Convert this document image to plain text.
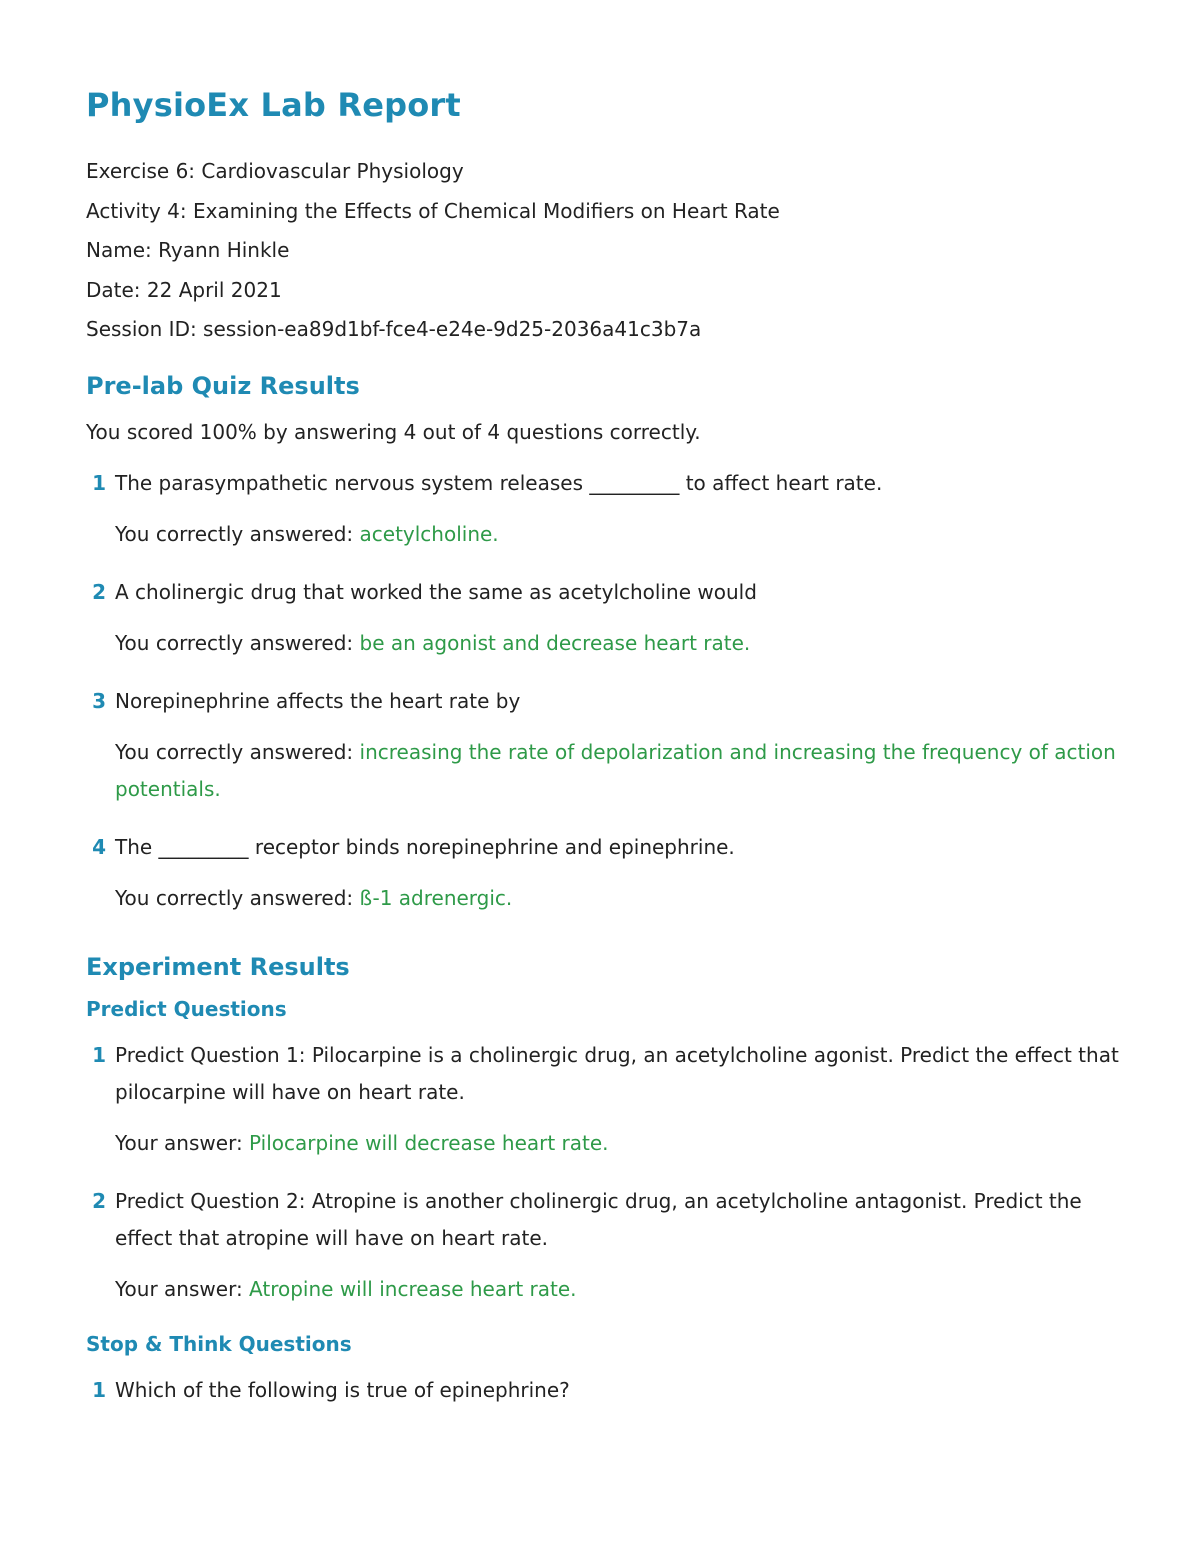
PhysioEx Lab Report
Exercise 6: Cardiovascular Physiology
Activity 4: Examining the Effects of Chemical Modifiers on Heart Rate
Name: Ryann Hinkle
Date: 22 April 2021
Session ID: session-ea89d1bf-fce4-e24e-9d25-2036a41c3b7a
Pre-lab Quiz Results
You scored 100% by answering 4 out of 4 questions correctly.
1 The parasympathetic nervous system releases _________ to affect heart rate.
You correctly answered: acetylcholine.
2 A cholinergic drug that worked the same as acetylcholine would
You correctly answered: be an agonist and decrease heart rate.
3 Norepinephrine affects the heart rate by
You correctly answered: increasing the rate of depolarization and increasing the frequency of action potentials.
4 The _________ receptor binds norepinephrine and epinephrine.
You correctly answered: ß-1 adrenergic.
Experiment Results
Predict Questions
1 Predict Question 1: Pilocarpine is a cholinergic drug, an acetylcholine agonist. Predict the effect that pilocarpine will have on heart rate.
Your answer: Pilocarpine will decrease heart rate.
2 Predict Question 2: Atropine is another cholinergic drug, an acetylcholine antagonist. Predict the effect that atropine will have on heart rate.
Your answer: Atropine will increase heart rate.
Stop & Think Questions
1 Which of the following is true of epinephrine?
